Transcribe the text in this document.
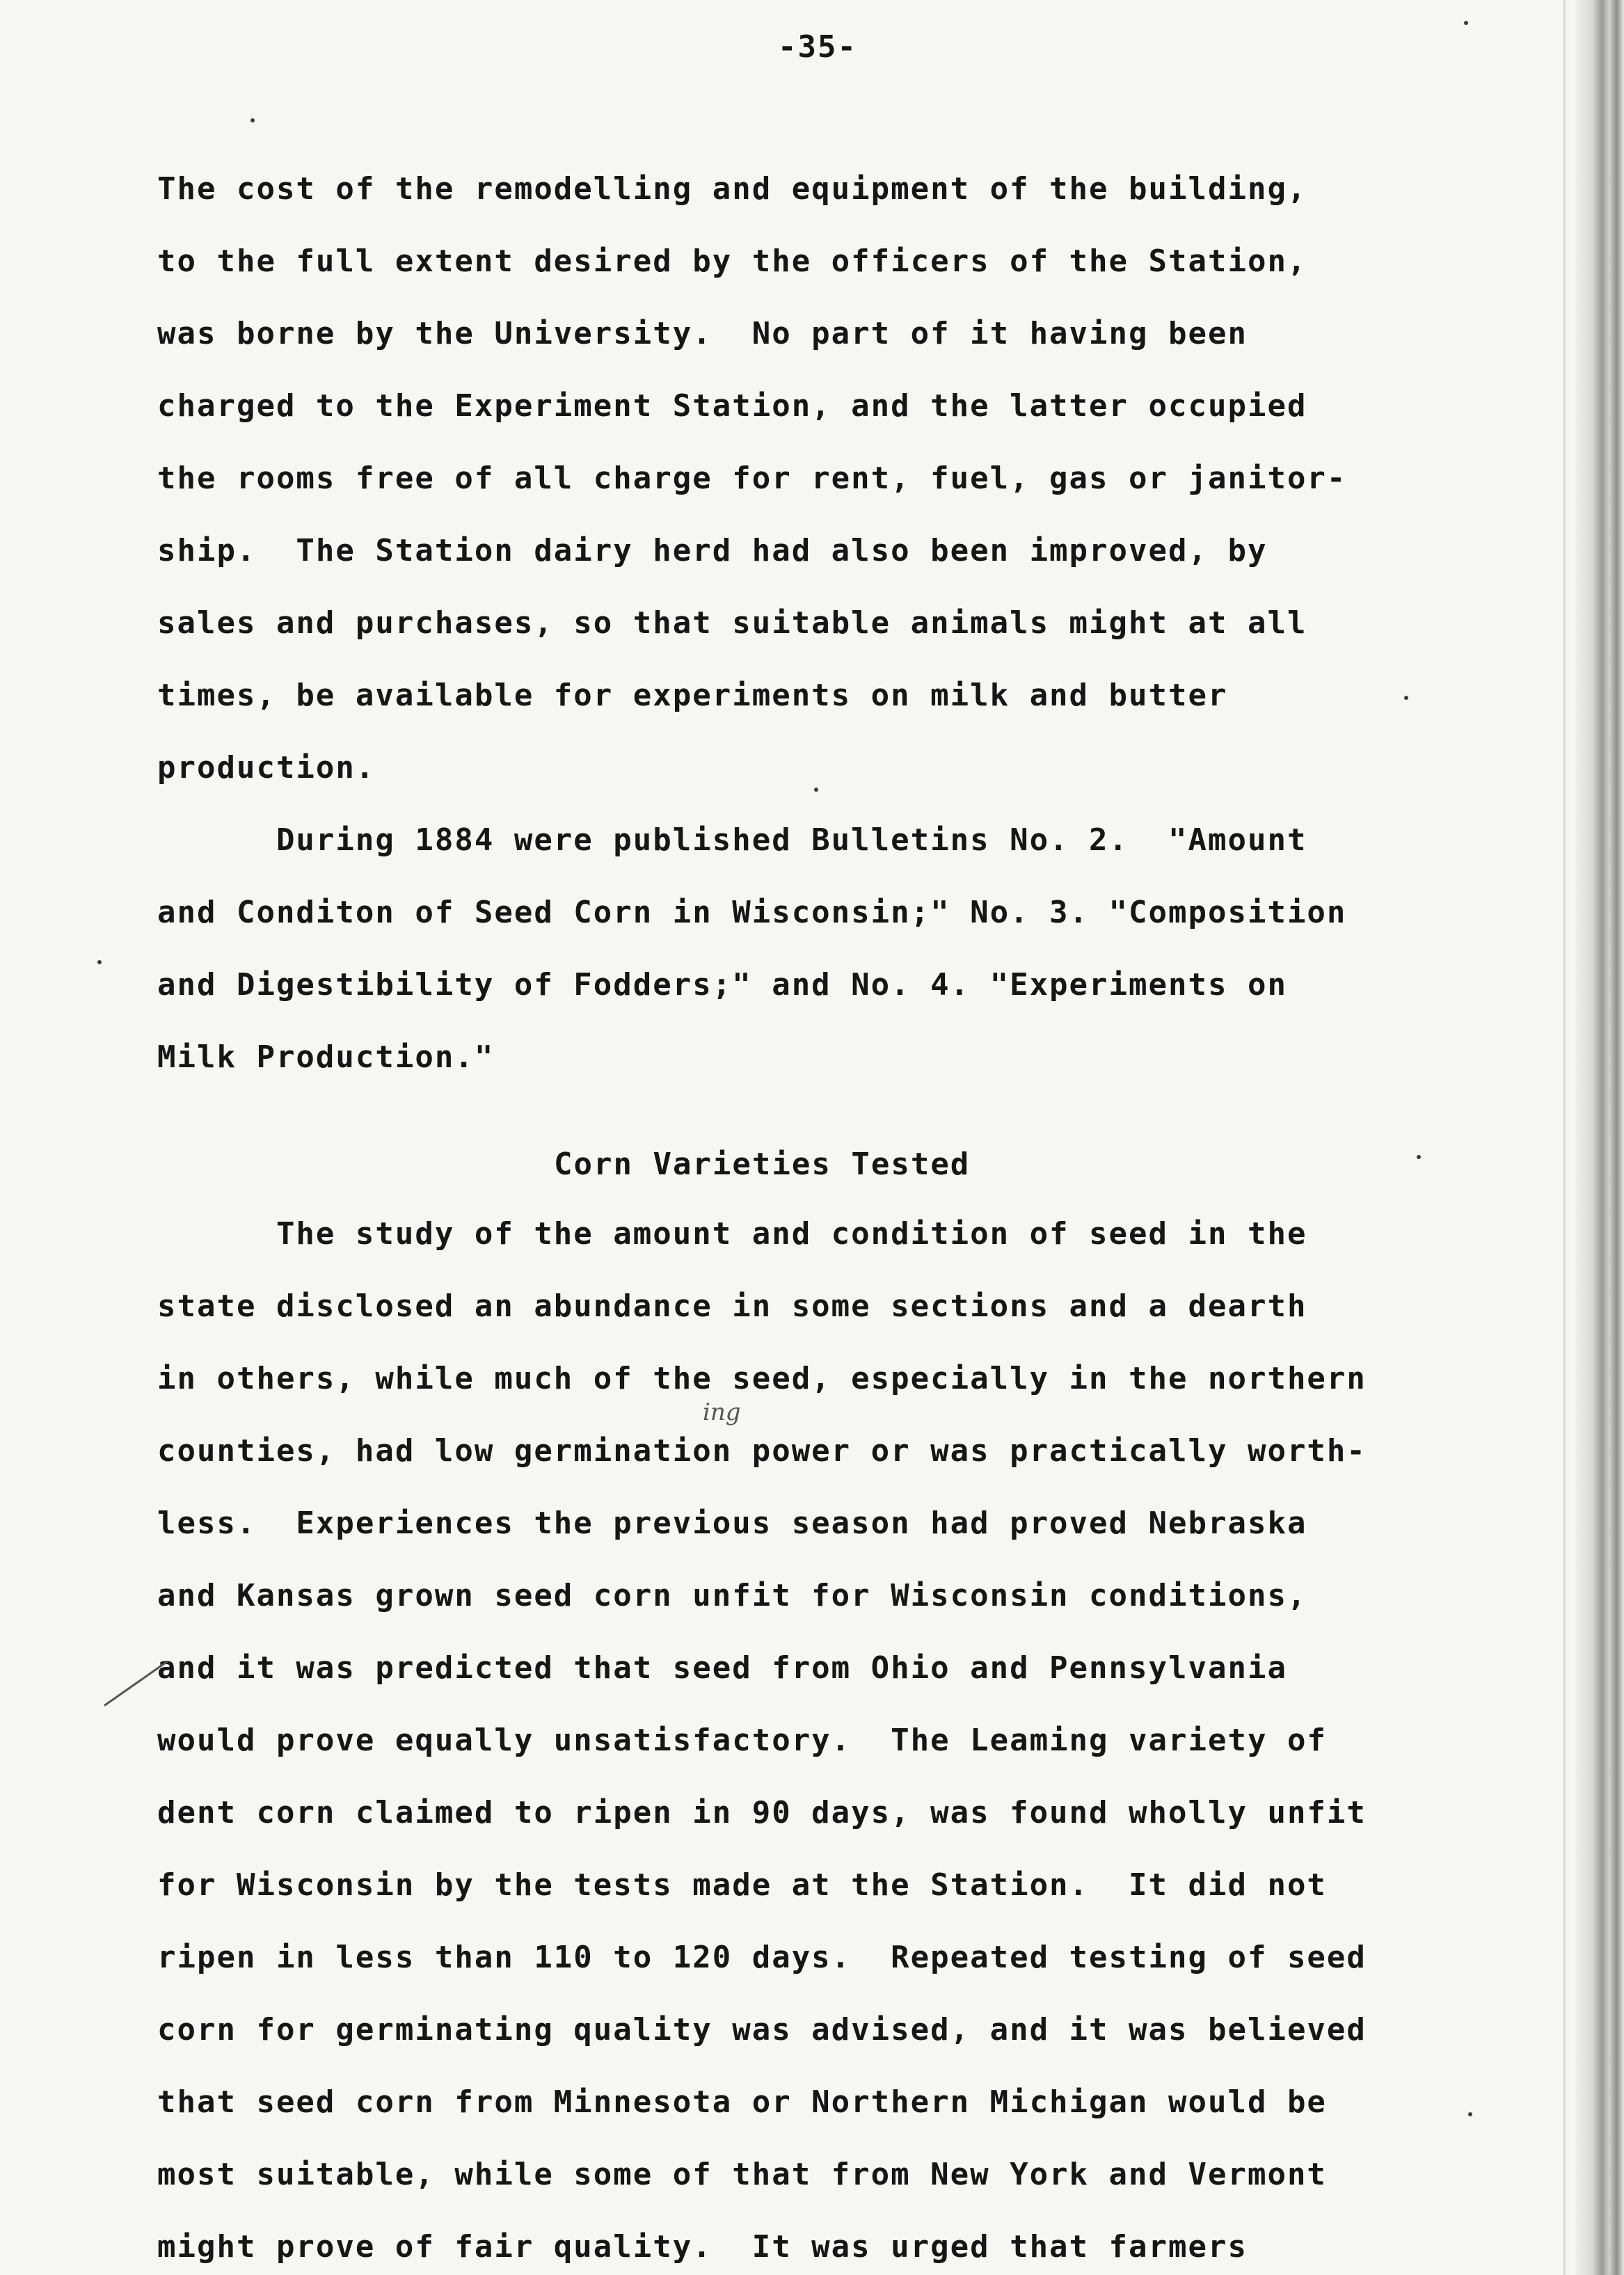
-35-
The cost of the remodelling and equipment of the building,
to the full extent desired by the officers of the Station,
was borne by the University.  No part of it having been
charged to the Experiment Station, and the latter occupied
the rooms free of all charge for rent, fuel, gas or janitor-
ship.  The Station dairy herd had also been improved, by
sales and purchases, so that suitable animals might at all
times, be available for experiments on milk and butter
production.
During 1884 were published Bulletins No. 2.  "Amount
and Conditon of Seed Corn in Wisconsin;" No. 3. "Composition
and Digestibility of Fodders;" and No. 4. "Experiments on
Milk Production."
Corn Varieties Tested
The study of the amount and condition of seed in the
state disclosed an abundance in some sections and a dearth
in others, while much of the seed, especially in the northern
counties, had low germination power or was practically worth-
less.  Experiences the previous season had proved Nebraska
and Kansas grown seed corn unfit for Wisconsin conditions,
and it was predicted that seed from Ohio and Pennsylvania
would prove equally unsatisfactory.  The Leaming variety of
dent corn claimed to ripen in 90 days, was found wholly unfit
for Wisconsin by the tests made at the Station.  It did not
ripen in less than 110 to 120 days.  Repeated testing of seed
corn for germinating quality was advised, and it was believed
that seed corn from Minnesota or Northern Michigan would be
most suitable, while some of that from New York and Vermont
might prove of fair quality.  It was urged that farmers
ing
